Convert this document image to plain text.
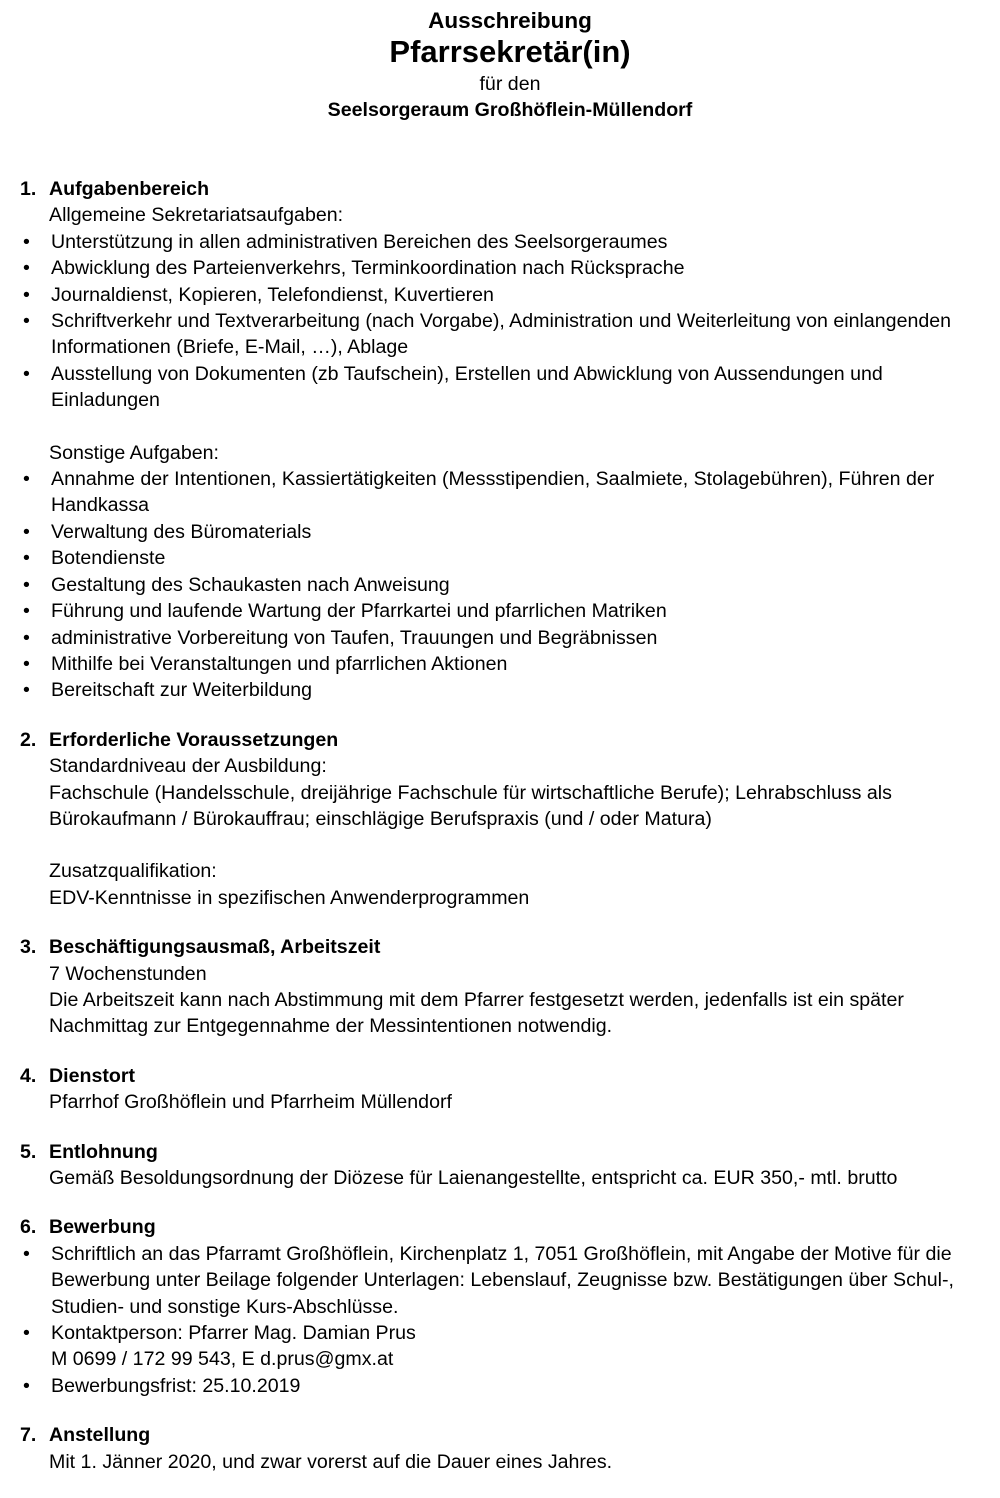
Ausschreibung
Pfarrsekretär(in)
für den
Seelsorgeraum Großhöflein-Müllendorf
1. Aufgabenbereich
Allgemeine Sekretariatsaufgaben:
• Unterstützung in allen administrativen Bereichen des Seelsorgeraumes
• Abwicklung des Parteienverkehrs, Terminkoordination nach Rücksprache
• Journaldienst, Kopieren, Telefondienst, Kuvertieren
• Schriftverkehr und Textverarbeitung (nach Vorgabe), Administration und Weiterleitung von einlangenden Informationen (Briefe, E-Mail, …), Ablage
• Ausstellung von Dokumenten (zb Taufschein), Erstellen und Abwicklung von Aussendungen und Einladungen
Sonstige Aufgaben:
• Annahme der Intentionen, Kassiertätigkeiten (Messstipendien, Saalmiete, Stolagebühren), Führen der Handkassa
• Verwaltung des Büromaterials
• Botendienste
• Gestaltung des Schaukasten nach Anweisung
• Führung und laufende Wartung der Pfarrkartei und pfarrlichen Matriken
• administrative Vorbereitung von Taufen, Trauungen und Begräbnissen
• Mithilfe bei Veranstaltungen und pfarrlichen Aktionen
• Bereitschaft zur Weiterbildung
2. Erforderliche Voraussetzungen
Standardniveau der Ausbildung:
Fachschule (Handelsschule, dreijährige Fachschule für wirtschaftliche Berufe); Lehrabschluss als Bürokaufmann / Bürokauffrau; einschlägige Berufspraxis (und / oder Matura)
Zusatzqualifikation:
EDV-Kenntnisse in spezifischen Anwenderprogrammen
3. Beschäftigungsausmaß, Arbeitszeit
7 Wochenstunden
Die Arbeitszeit kann nach Abstimmung mit dem Pfarrer festgesetzt werden, jedenfalls ist ein später Nachmittag zur Entgegennahme der Messintentionen notwendig.
4. Dienstort
Pfarrhof Großhöflein und Pfarrheim Müllendorf
5. Entlohnung
Gemäß Besoldungsordnung der Diözese für Laienangestellte, entspricht ca. EUR 350,- mtl. brutto
6. Bewerbung
• Schriftlich an das Pfarramt Großhöflein, Kirchenplatz 1, 7051 Großhöflein, mit Angabe der Motive für die Bewerbung unter Beilage folgender Unterlagen: Lebenslauf, Zeugnisse bzw. Bestätigungen über Schul-, Studien- und sonstige Kurs-Abschlüsse.
• Kontaktperson: Pfarrer Mag. Damian Prus
M 0699 / 172 99 543, E d.prus@gmx.at
• Bewerbungsfrist: 25.10.2019
7. Anstellung
Mit 1. Jänner 2020, und zwar vorerst auf die Dauer eines Jahres.
